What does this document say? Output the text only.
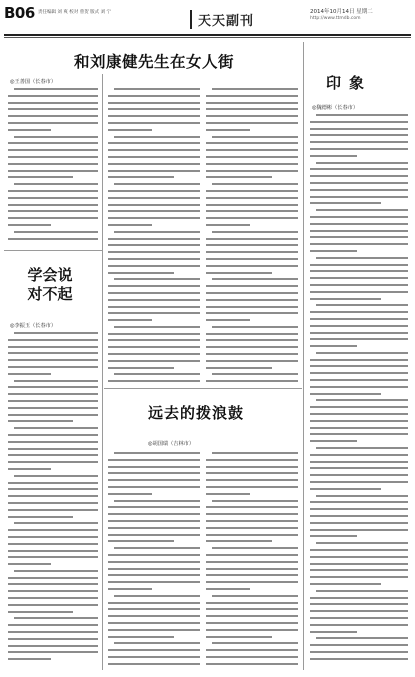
B06 责任编辑 刘 爽 校对 曾贺 版式 刘 宁
天天副刊
2014年10月14日 星期二
http://www.ttmdb.com
和刘康健先生在女人街
◎王善国（长春市）	印象
◎魏德彬（长春市）
学会说
对不起
◎李振玉（长春市）
远去的拨浪鼓
◎胡国瑞（吉林市）
